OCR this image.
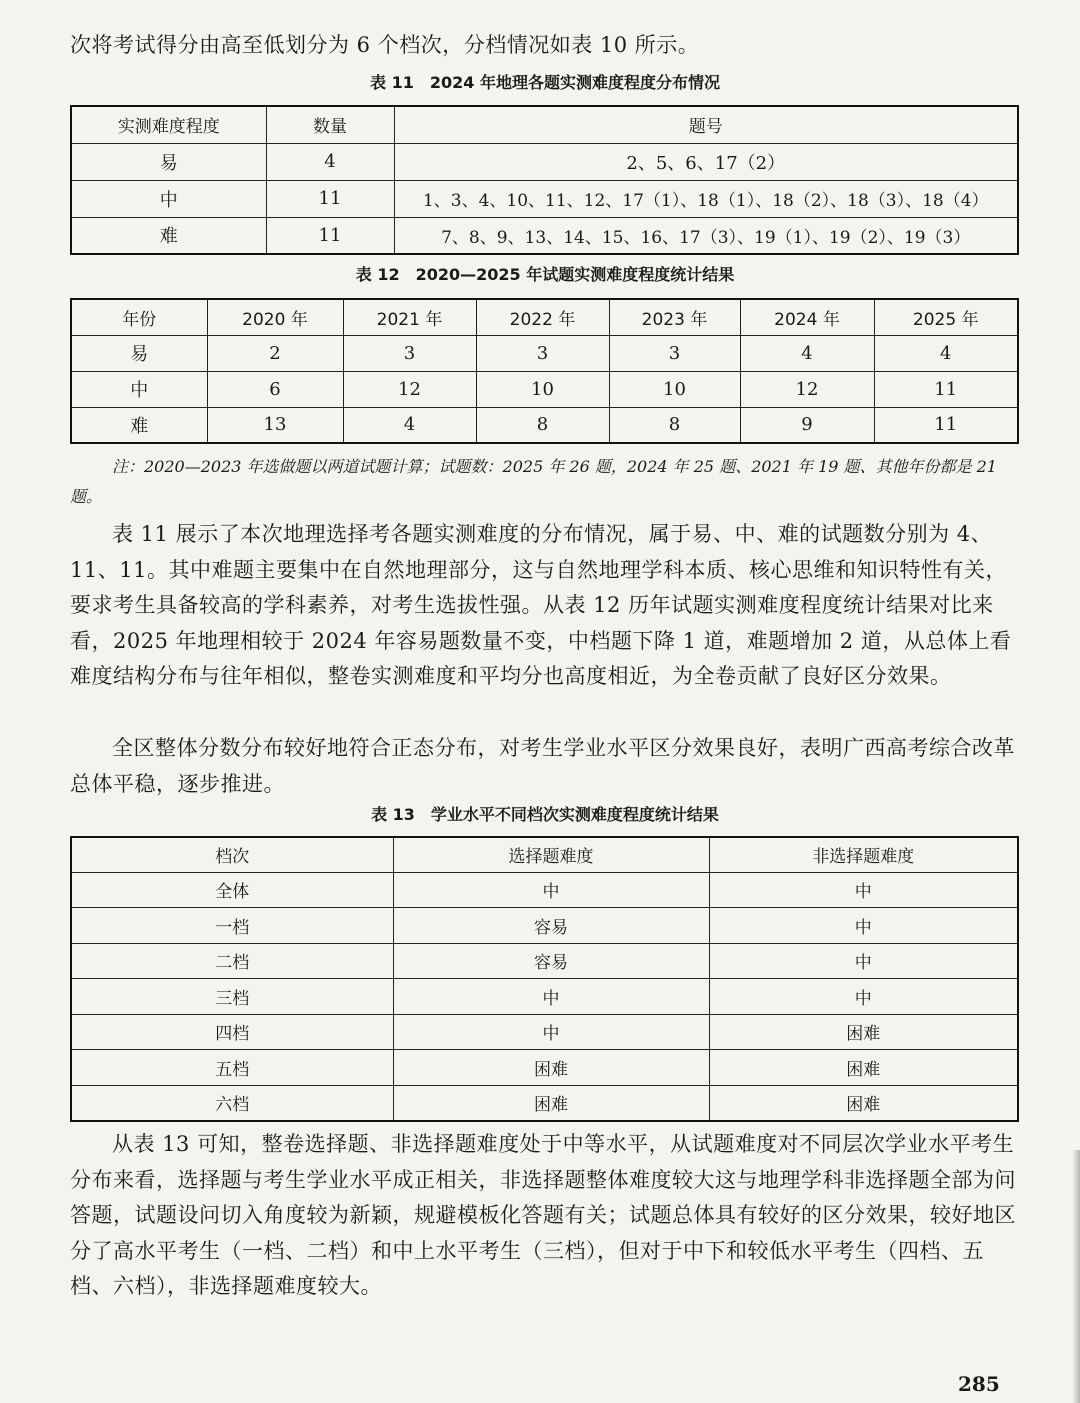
次将考试得分由高至低划分为 6 个档次，分档情况如表 10 所示。

表 11　2024 年地理各题实测难度程度分布情况

实测难度程度	数量	题号
易	4	2、5、6、17（2）
中	11	1、3、4、10、11、12、17（1）、18（1）、18（2）、18（3）、18（4）
难	11	7、8、9、13、14、15、16、17（3）、19（1）、19（2）、19（3）

表 12　2020—2025 年试题实测难度程度统计结果

年份	2020 年	2021 年	2022 年	2023 年	2024 年	2025 年
易	2	3	3	3	4	4
中	6	12	10	10	12	11
难	13	4	8	8	9	11

注：2020—2023 年选做题以两道试题计算；试题数：2025 年 26 题，2024 年 25 题、2021 年 19 题、其他年份都是 21 题。

表 11 展示了本次地理选择考各题实测难度的分布情况，属于易、中、难的试题数分别为 4、11、11。其中难题主要集中在自然地理部分，这与自然地理学科本质、核心思维和知识特性有关，要求考生具备较高的学科素养，对考生选拔性强。从表 12 历年试题实测难度程度统计结果对比来看，2025 年地理相较于 2024 年容易题数量不变，中档题下降 1 道，难题增加 2 道，从总体上看难度结构分布与往年相似，整卷实测难度和平均分也高度相近，为全卷贡献了良好区分效果。

全区整体分数分布较好地符合正态分布，对考生学业水平区分效果良好，表明广西高考综合改革总体平稳，逐步推进。

表 13　学业水平不同档次实测难度程度统计结果

档次	选择题难度	非选择题难度
全体	中	中
一档	容易	中
二档	容易	中
三档	中	中
四档	中	困难
五档	困难	困难
六档	困难	困难

从表 13 可知，整卷选择题、非选择题难度处于中等水平，从试题难度对不同层次学业水平考生分布来看，选择题与考生学业水平成正相关，非选择题整体难度较大这与地理学科非选择题全部为问答题，试题设问切入角度较为新颖，规避模板化答题有关；试题总体具有较好的区分效果，较好地区分了高水平考生（一档、二档）和中上水平考生（三档），但对于中下和较低水平考生（四档、五档、六档），非选择题难度较大。

285
